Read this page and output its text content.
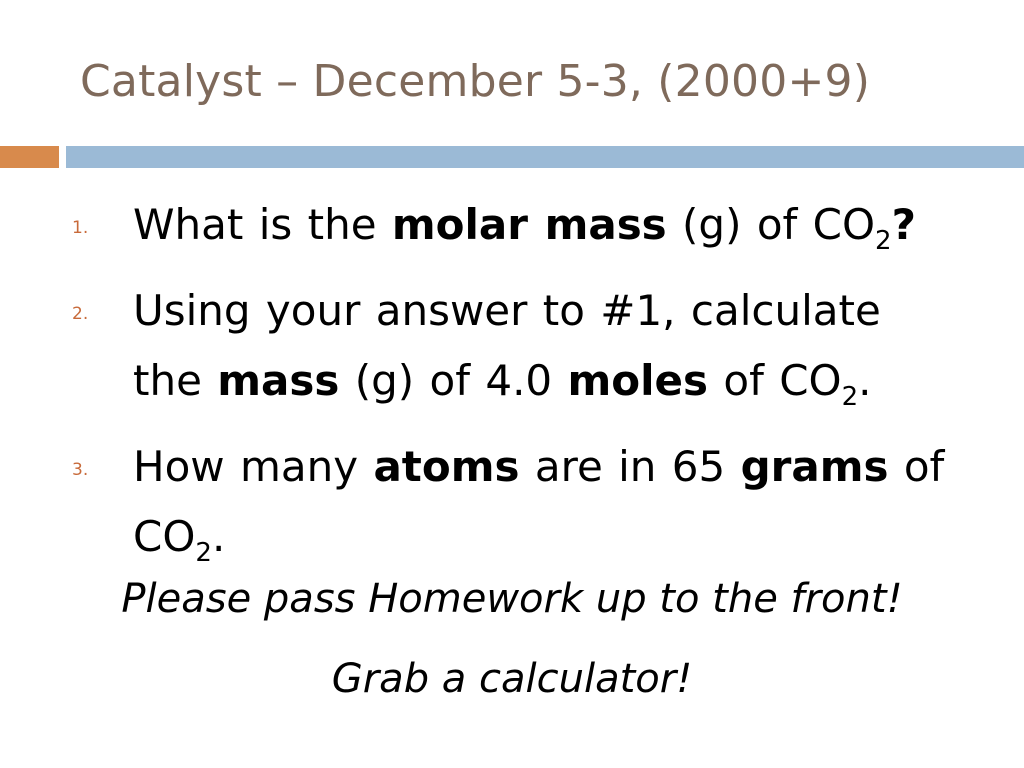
Catalyst – December 5-3, (2000+9)
1. What is the molar mass (g) of $CO_2$?
2. Using your answer to #1, calculate
the mass (g) of 4.0 moles of $CO_2$.
3. How many atoms are in 65 grams of
$CO_2$.
Please pass Homework up to the front!
Grab a calculator!
